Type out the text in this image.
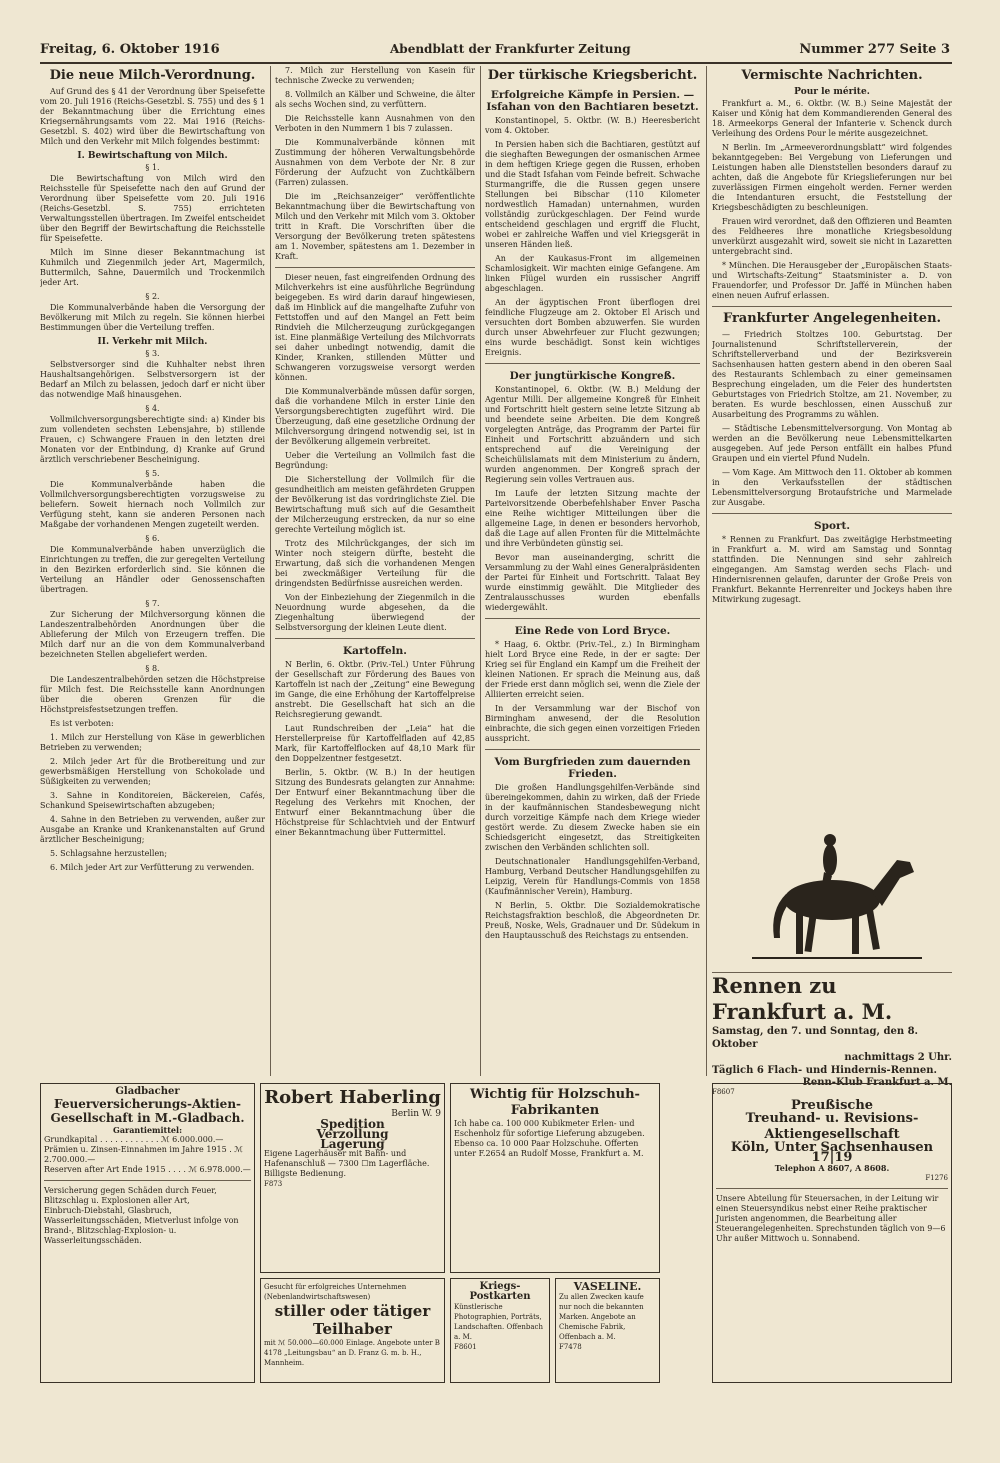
Freitag, 6. Oktober 1916	Abendblatt der Frankfurter Zeitung	Nummer 277 Seite 3
Die neue Milch-Verordnung.

Auf Grund des § 41 der Verordnung über Speisefette vom 20. Juli 1916 (Reichs-Gesetzbl. S. 755) und des § 1 der Bekanntmachung über die Errichtung eines Kriegsernährungsamts vom 22. Mai 1916 (Reichs-Gesetzbl. S. 402) wird über die Bewirtschaftung von Milch und den Verkehr mit Milch folgendes bestimmt:

I. Bewirtschaftung von Milch.
§ 1.

Die Bewirtschaftung von Milch wird den Reichsstelle für Speisefette nach den auf Grund der Verordnung über Speisefette vom 20. Juli 1916 (Reichs-Gesetzbl. S. 755) errichteten Verwaltungsstellen übertragen. Im Zweifel entscheidet über den Begriff der Bewirtschaftung die Reichsstelle für Speisefette.

Milch im Sinne dieser Bekanntmachung ist Kuhmilch und Ziegenmilch jeder Art, Magermilch, Buttermilch, Sahne, Dauermilch und Trockenmilch jeder Art.

§ 2.

Die Kommunalverbände haben die Versorgung der Bevölkerung mit Milch zu regeln. Sie können hierbei Bestimmungen über die Verteilung treffen.

II. Verkehr mit Milch.
§ 3.

Selbstversorger sind die Kuhhalter nebst ihren Haushaltsangehörigen. Selbstversorgern ist der Bedarf an Milch zu belassen, jedoch darf er nicht über das notwendige Maß hinausgehen.

§ 4.

Vollmilchversorgungsberechtigte sind: a) Kinder bis zum vollendeten sechsten Lebensjahre, b) stillende Frauen, c) Schwangere Frauen in den letzten drei Monaten vor der Entbindung, d) Kranke auf Grund ärztlich verschriebener Bescheinigung.

§ 5.

Die Kommunalverbände haben die Vollmilchversorgungsberechtigten vorzugsweise zu beliefern. Soweit hiernach noch Vollmilch zur Verfügung steht, kann sie anderen Personen nach Maßgabe der vorhandenen Mengen zugeteilt werden.

§ 6.

Die Kommunalverbände haben unverzüglich die Einrichtungen zu treffen, die zur geregelten Verteilung in den Bezirken erforderlich sind. Sie können die Verteilung an Händler oder Genossenschaften übertragen.

§ 7.

Zur Sicherung der Milchversorgung können die Landeszentralbehörden Anordnungen über die Ablieferung der Milch von Erzeugern treffen. Die Milch darf nur an die von dem Kommunalverband bezeichneten Stellen abgeliefert werden.

§ 8.

Die Landeszentralbehörden setzen die Höchstpreise für Milch fest. Die Reichsstelle kann Anordnungen über die oberen Grenzen für die Höchstpreisfestsetzungen treffen.

Es ist verboten:

1. Milch zur Herstellung von Käse in gewerblichen Betrieben zu verwenden;

2. Milch jeder Art für die Brotbereitung und zur gewerbsmäßigen Herstellung von Schokolade und Süßigkeiten zu verwenden;

3. Sahne in Konditoreien, Bäckereien, Cafés, Schankund Speisewirtschaften abzugeben;

4. Sahne in den Betrieben zu verwenden, außer zur Ausgabe an Kranke und Krankenanstalten auf Grund ärztlicher Bescheinigung;

5. Schlagsahne herzustellen;

6. Milch jeder Art zur Verfütterung zu verwenden.

7. Milch zur Herstellung von Kasein für technische Zwecke zu verwenden;

8. Vollmilch an Kälber und Schweine, die älter als sechs Wochen sind, zu verfüttern.

Die Reichsstelle kann Ausnahmen von den Verboten in den Nummern 1 bis 7 zulassen.

Die Kommunalverbände können mit Zustimmung der höheren Verwaltungsbehörde Ausnahmen von dem Verbote der Nr. 8 zur Förderung der Aufzucht von Zuchtkälbern (Farren) zulassen.

Die im „Reichsanzeiger“ veröffentlichte Bekanntmachung über die Bewirtschaftung von Milch und den Verkehr mit Milch vom 3. Oktober tritt in Kraft. Die Vorschriften über die Versorgung der Bevölkerung treten spätestens am 1. November, spätestens am 1. Dezember in Kraft.

Dieser neuen, fast eingreifenden Ordnung des Milchverkehrs ist eine ausführliche Begründung beigegeben. Es wird darin darauf hingewiesen, daß im Hinblick auf die mangelhafte Zufuhr von Fettstoffen und auf den Mangel an Fett beim Rindvieh die Milcherzeugung zurückgegangen ist. Eine planmäßige Verteilung des Milchvorrats sei daher unbedingt notwendig, damit die Kinder, Kranken, stillenden Mütter und Schwangeren vorzugsweise versorgt werden können.

Die Kommunalverbände müssen dafür sorgen, daß die vorhandene Milch in erster Linie den Versorgungsberechtigten zugeführt wird. Die Überzeugung, daß eine gesetzliche Ordnung der Milchversorgung dringend notwendig sei, ist in der Bevölkerung allgemein verbreitet.

Ueber die Verteilung an Vollmilch fast die Begründung:

Die Sicherstellung der Vollmilch für die gesundheitlich am meisten gefährdeten Gruppen der Bevölkerung ist das vordringlichste Ziel. Die Bewirtschaftung muß sich auf die Gesamtheit der Milcherzeugung erstrecken, da nur so eine gerechte Verteilung möglich ist.

Trotz des Milchrückganges, der sich im Winter noch steigern dürfte, besteht die Erwartung, daß sich die vorhandenen Mengen bei zweckmäßiger Verteilung für die dringendsten Bedürfnisse ausreichen werden.

Von der Einbeziehung der Ziegenmilch in die Neuordnung wurde abgesehen, da die Ziegenhaltung überwiegend der Selbstversorgung der kleinen Leute dient.

Kartoffeln.

N Berlin, 6. Oktbr. (Priv.-Tel.) Unter Führung der Gesellschaft zur Förderung des Baues von Kartoffeln ist nach der „Zeitung“ eine Bewegung im Gange, die eine Erhöhung der Kartoffelpreise anstrebt. Die Gesellschaft hat sich an die Reichsregierung gewandt.

Laut Rundschreiben der „Leia“ hat die Herstellerpreise für Kartoffelfladen auf 42,85 Mark, für Kartoffelflocken auf 48,10 Mark für den Doppelzentner festgesetzt.

Berlin, 5. Oktbr. (W. B.) In der heutigen Sitzung des Bundesrats gelangten zur Annahme: Der Entwurf einer Bekanntmachung über die Regelung des Verkehrs mit Knochen, der Entwurf einer Bekanntmachung über die Höchstpreise für Schlachtvieh und der Entwurf einer Bekanntmachung über Futtermittel.

Der türkische Kriegsbericht.
Erfolgreiche Kämpfe in Persien. — Isfahan von den Bachtiaren besetzt.

Konstantinopel, 5. Oktbr. (W. B.) Heeresbericht vom 4. Oktober.

In Persien haben sich die Bachtiaren, gestützt auf die sieghaften Bewegungen der osmanischen Armee in dem heftigen Kriege gegen die Russen, erhoben und die Stadt Isfahan vom Feinde befreit. Schwache Sturmangriffe, die die Russen gegen unsere Stellungen bei Bibschar (110 Kilometer nordwestlich Hamadan) unternahmen, wurden vollständig zurückgeschlagen. Der Feind wurde entscheidend geschlagen und ergriff die Flucht, wobei er zahlreiche Waffen und viel Kriegsgerät in unseren Händen ließ.

An der Kaukasus-Front im allgemeinen Schamlosigkeit. Wir machten einige Gefangene. Am linken Flügel wurden ein russischer Angriff abgeschlagen.

An der ägyptischen Front überflogen drei feindliche Flugzeuge am 2. Oktober El Arisch und versuchten dort Bomben abzuwerfen. Sie wurden durch unser Abwehrfeuer zur Flucht gezwungen; eins wurde beschädigt. Sonst kein wichtiges Ereignis.

Der jungtürkische Kongreß.

Konstantinopel, 6. Oktbr. (W. B.) Meldung der Agentur Milli. Der allgemeine Kongreß für Einheit und Fortschritt hielt gestern seine letzte Sitzung ab und beendete seine Arbeiten. Die dem Kongreß vorgelegten Anträge, das Programm der Partei für Einheit und Fortschritt abzuändern und sich entsprechend auf die Vereinigung der Scheichülislamats mit dem Ministerium zu ändern, wurden angenommen. Der Kongreß sprach der Regierung sein volles Vertrauen aus.

Im Laufe der letzten Sitzung machte der Parteivorsitzende Oberbefehlshaber Enver Pascha eine Reihe wichtiger Mitteilungen über die allgemeine Lage, in denen er besonders hervorhob, daß die Lage auf allen Fronten für die Mittelmächte und ihre Verbündeten günstig sei.

Bevor man auseinanderging, schritt die Versammlung zu der Wahl eines Generalpräsidenten der Partei für Einheit und Fortschritt. Talaat Bey wurde einstimmig gewählt. Die Mitglieder des Zentralausschusses wurden ebenfalls wiedergewählt.

Eine Rede von Lord Bryce.

* Haag, 6. Oktbr. (Priv.-Tel., z.) In Birmingham hielt Lord Bryce eine Rede, in der er sagte: Der Krieg sei für England ein Kampf um die Freiheit der kleinen Nationen. Er sprach die Meinung aus, daß der Friede erst dann möglich sei, wenn die Ziele der Alliierten erreicht seien.

In der Versammlung war der Bischof von Birmingham anwesend, der die Resolution einbrachte, die sich gegen einen vorzeitigen Frieden ausspricht.

Vom Burgfrieden zum dauernden Frieden.

Die großen Handlungsgehilfen-Verbände sind übereingekommen, dahin zu wirken, daß der Friede in der kaufmännischen Standesbewegung nicht durch vorzeitige Kämpfe nach dem Kriege wieder gestört werde. Zu diesem Zwecke haben sie ein Schiedsgericht eingesetzt, das Streitigkeiten zwischen den Verbänden schlichten soll.

Deutschnationaler Handlungsgehilfen-Verband, Hamburg, Verband Deutscher Handlungsgehilfen zu Leipzig, Verein für Handlungs-Commis von 1858 (Kaufmännischer Verein), Hamburg.

N Berlin, 5. Oktbr. Die Sozialdemokratische Reichstagsfraktion beschloß, die Abgeordneten Dr. Preuß, Noske, Wels, Gradnauer und Dr. Südekum in den Hauptausschuß des Reichstags zu entsenden.

Vermischte Nachrichten.
Pour le mérite.

Frankfurt a. M., 6. Oktbr. (W. B.) Seine Majestät der Kaiser und König hat dem Kommandierenden General des 18. Armeekorps General der Infanterie v. Schenck durch Verleihung des Ordens Pour le mérite ausgezeichnet.

N Berlin. Im „Armeeverordnungsblatt“ wird folgendes bekanntgegeben: Bei Vergebung von Lieferungen und Leistungen haben alle Dienststellen besonders darauf zu achten, daß die Angebote für Kriegslieferungen nur bei zuverlässigen Firmen eingeholt werden. Ferner werden die Intendanturen ersucht, die Feststellung der Kriegsbeschädigten zu beschleunigen.

Frauen wird verordnet, daß den Offizieren und Beamten des Feldheeres ihre monatliche Kriegsbesoldung unverkürzt ausgezahlt wird, soweit sie nicht in Lazaretten untergebracht sind.

* München. Die Herausgeber der „Europäischen Staats- und Wirtschafts-Zeitung“ Staatsminister a. D. von Frauendorfer, und Professor Dr. Jaffé in München haben einen neuen Aufruf erlassen.

Frankfurter Angelegenheiten.

— Friedrich Stoltzes 100. Geburtstag. Der Journalistenund Schriftstellerverein, der Schriftstellerverband und der Bezirksverein Sachsenhausen hatten gestern abend in den oberen Saal des Restaurants Schlembach zu einer gemeinsamen Besprechung eingeladen, um die Feier des hundertsten Geburtstages von Friedrich Stoltze, am 21. November, zu beraten. Es wurde beschlossen, einen Ausschuß zur Ausarbeitung des Programms zu wählen.

— Städtische Lebensmittelversorgung. Von Montag ab werden an die Bevölkerung neue Lebensmittelkarten ausgegeben. Auf jede Person entfällt ein halbes Pfund Graupen und ein viertel Pfund Nudeln.

— Vom Kage. Am Mittwoch den 11. Oktober ab kommen in den Verkaufsstellen der städtischen Lebensmittelversorgung Brotaufstriche und Marmelade zur Ausgabe.

Sport.

* Rennen zu Frankfurt. Das zweitägige Herbstmeeting in Frankfurt a. M. wird am Samstag und Sonntag stattfinden. Die Nennungen sind sehr zahlreich eingegangen. Am Samstag werden sechs Flach- und Hindernisrennen gelaufen, darunter der Große Preis von Frankfurt. Bekannte Herrenreiter und Jockeys haben ihre Mitwirkung zugesagt.

Rennen zu Frankfurt a. M.
Samstag, den 7. und Sonntag, den 8. Oktober
nachmittags 2 Uhr.
Täglich 6 Flach- und Hindernis-Rennen.
Renn-Klub Frankfurt a. M.
F8607
Gladbacher
Feuerversicherungs-Aktien-Gesellschaft in M.-Gladbach.
Garantiemittel:
Grundkapital . . . . . . . . . . . . ℳ 6.000.000.—
Prämien u. Zinsen-Einnahmen im Jahre 1915 . ℳ 2.700.000.—
Reserven after Art Ende 1915 . . . . ℳ 6.978.000.—
Versicherung gegen Schäden durch Feuer, Blitzschlag u. Explosionen aller Art,
Einbruch-Diebstahl, Glasbruch, Wasserleitungsschäden, Mietverlust infolge von Brand-, Blitzschlag-Explosion- u. Wasserleitungsschäden.
Robert Haberling
Berlin W. 9
Spedition
Verzollung
Lagerung
Eigene Lagerhäuser mit Bahn- und Hafenanschluß — 7300 ☐m Lagerfläche. Billigste Bedienung.
F873
Gesucht für erfolgreiches Unternehmen (Nebenlandwirtschaftswesen)
stiller oder tätiger Teilhaber
mit ℳ 50.000—60.000 Einlage. Angebote unter B 4178 „Leitungsbau“ an D. Franz G. m. b. H., Mannheim.
Wichtig für Holzschuh-Fabrikanten
Ich habe ca. 100 000 Kubikmeter Erlen- und Eschenholz für sofortige Lieferung abzugeben. Ebenso ca. 10 000 Paar Holzschuhe. Offerten unter F.2654 an Rudolf Mosse, Frankfurt a. M.
Kriegs-Postkarten
Künstlerische Photographien, Porträts, Landschaften. Offenbach a. M.
F8601
VASELINE.
Zu allen Zwecken kaufe nur noch die bekannten Marken. Angebote an Chemische Fabrik, Offenbach a. M.
F7478
Preußische
Treuhand- u. Revisions-Aktiengesellschaft
Köln, Unter Sachsenhausen 17|19
Telephon A 8607, A 8608.
F1276
Unsere Abteilung für Steuersachen, in der Leitung wir einen Steuersyndikus nebst einer Reihe praktischer Juristen angenommen, die Bearbeitung aller Steuerangelegenheiten. Sprechstunden täglich von 9—6 Uhr außer Mittwoch u. Sonnabend.
